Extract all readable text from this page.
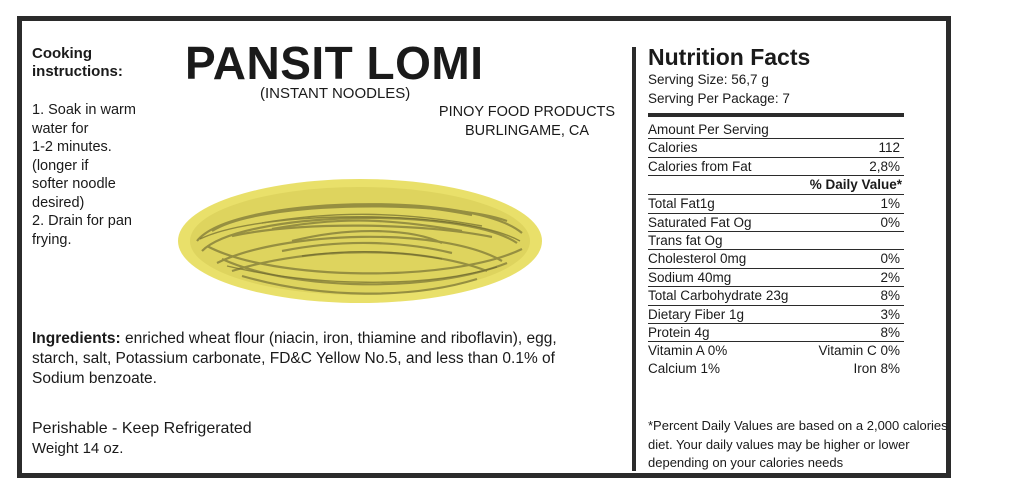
Cooking
instructions:
1. Soak in warm
water for
1-2 minutes.
(longer if
softer noodle
desired)
2. Drain for pan
frying.
PANSIT LOMI
(INSTANT NOODLES)
PINOY FOOD PRODUCTS
BURLINGAME, CA
Ingredients: enriched wheat flour (niacin, iron, thiamine and riboflavin), egg, starch, salt, Potassium carbonate, FD&C Yellow No.5, and less than 0.1% of Sodium benzoate.
Perishable - Keep Refrigerated
Weight 14 oz.
Nutrition Facts
Serving Size: 56,7 g
Serving Per Package: 7
Amount Per Serving
Calories	112
Calories from Fat	2,8%
% Daily Value*
Total Fat1g	1%
Saturated Fat Og	0%
Trans fat Og
Cholesterol 0mg	0%
Sodium 40mg	2%
Total Carbohydrate 23g	8%
Dietary Fiber 1g	3%
Protein 4g	8%
Vitamin A 0%	Vitamin C 0%
Calcium 1%	Iron 8%
*Percent Daily Values are based on a 2,000 calories diet. Your daily values may be higher or lower depending on your calories needs
